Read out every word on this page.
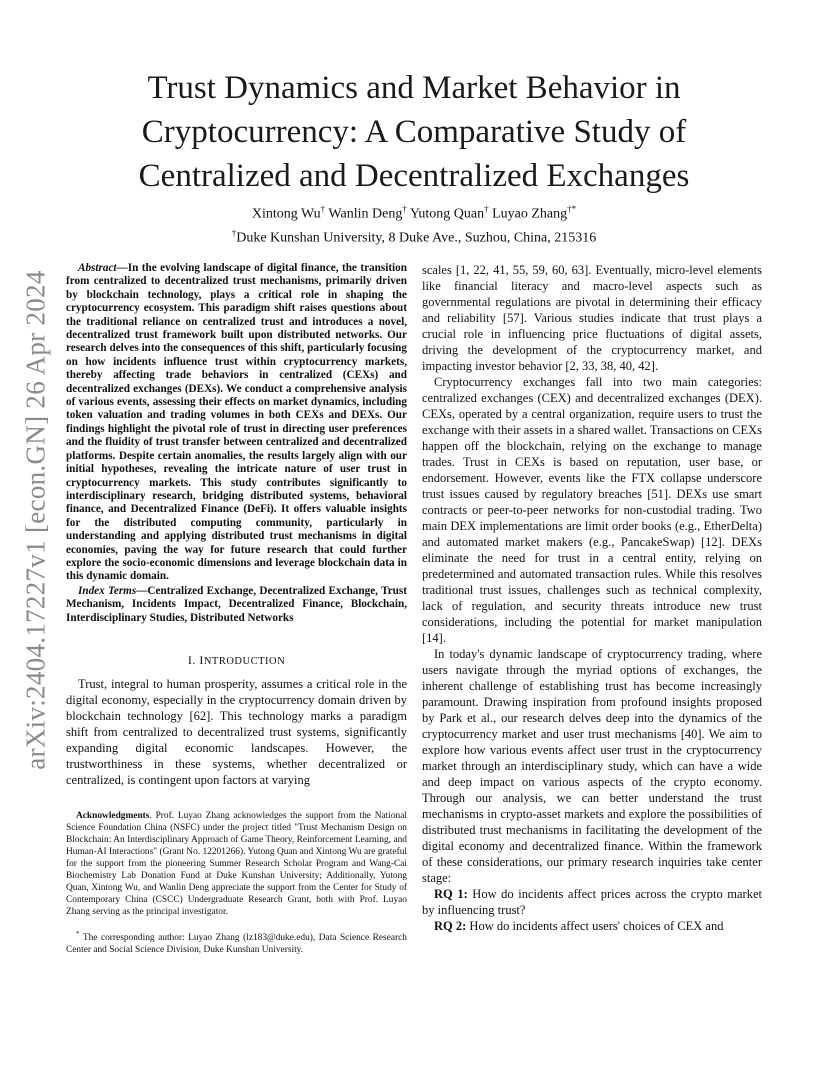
arXiv:2404.17227v1 [econ.GN] 26 Apr 2024
Trust Dynamics and Market Behavior in
Cryptocurrency: A Comparative Study of
Centralized and Decentralized Exchanges
Xintong Wu† Wanlin Deng† Yutong Quan† Luyao Zhang†*
†Duke Kunshan University, 8 Duke Ave., Suzhou, China, 215316

Abstract—In the evolving landscape of digital finance, the transition from centralized to decentralized trust mechanisms, primarily driven by blockchain technology, plays a critical role in shaping the cryptocurrency ecosystem. This paradigm shift raises questions about the traditional reliance on centralized trust and introduces a novel, decentralized trust framework built upon distributed networks. Our research delves into the consequences of this shift, particularly focusing on how incidents influence trust within cryptocurrency markets, thereby affecting trade behaviors in centralized (CEXs) and decentralized exchanges (DEXs). We conduct a comprehensive analysis of various events, assessing their effects on market dynamics, including token valuation and trading volumes in both CEXs and DEXs. Our findings highlight the pivotal role of trust in directing user preferences and the fluidity of trust transfer between centralized and decentralized platforms. Despite certain anomalies, the results largely align with our initial hypotheses, revealing the intricate nature of user trust in cryptocurrency markets. This study contributes significantly to interdisciplinary research, bridging distributed systems, behavioral finance, and Decentralized Finance (DeFi). It offers valuable insights for the distributed computing community, particularly in understanding and applying distributed trust mechanisms in digital economies, paving the way for future research that could further explore the socio-economic dimensions and leverage blockchain data in this dynamic domain.

Index Terms—Centralized Exchange, Decentralized Exchange, Trust Mechanism, Incidents Impact, Decentralized Finance, Blockchain, Interdisciplinary Studies, Distributed Networks

I. INTRODUCTION

Trust, integral to human prosperity, assumes a critical role in the digital economy, especially in the cryptocurrency domain driven by blockchain technology [62]. This technology marks a paradigm shift from centralized to decentralized trust systems, significantly expanding digital economic landscapes. However, the trustworthiness in these systems, whether decentralized or centralized, is contingent upon factors at varying

Acknowledgments. Prof. Luyao Zhang acknowledges the support from the National Science Foundation China (NSFC) under the project titled "Trust Mechanism Design on Blockchain: An Interdisciplinary Approach of Game Theory, Reinforcement Learning, and Human-AI Interactions" (Grant No. 12201266). Yutong Quan and Xintong Wu are grateful for the support from the pioneering Summer Research Scholar Program and Wang-Cai Biochemistry Lab Donation Fund at Duke Kunshan University; Additionally, Yutong Quan, Xintong Wu, and Wanlin Deng appreciate the support from the Center for Study of Contemporary China (CSCC) Undergraduate Research Grant, both with Prof. Luyao Zhang serving as the principal investigator.

* The corresponding author: Luyao Zhang (lz183@duke.edu), Data Science Research Center and Social Science Division, Duke Kunshan University.

scales [1, 22, 41, 55, 59, 60, 63]. Eventually, micro-level elements like financial literacy and macro-level aspects such as governmental regulations are pivotal in determining their efficacy and reliability [57]. Various studies indicate that trust plays a crucial role in influencing price fluctuations of digital assets, driving the development of the cryptocurrency market, and impacting investor behavior [2, 33, 38, 40, 42].

Cryptocurrency exchanges fall into two main categories: centralized exchanges (CEX) and decentralized exchanges (DEX). CEXs, operated by a central organization, require users to trust the exchange with their assets in a shared wallet. Transactions on CEXs happen off the blockchain, relying on the exchange to manage trades. Trust in CEXs is based on reputation, user base, or endorsement. However, events like the FTX collapse underscore trust issues caused by regulatory breaches [51]. DEXs use smart contracts or peer-to-peer networks for non-custodial trading. Two main DEX implementations are limit order books (e.g., EtherDelta) and automated market makers (e.g., PancakeSwap) [12]. DEXs eliminate the need for trust in a central entity, relying on predetermined and automated transaction rules. While this resolves traditional trust issues, challenges such as technical complexity, lack of regulation, and security threats introduce new trust considerations, including the potential for market manipulation [14].

In today's dynamic landscape of cryptocurrency trading, where users navigate through the myriad options of exchanges, the inherent challenge of establishing trust has become increasingly paramount. Drawing inspiration from profound insights proposed by Park et al., our research delves deep into the dynamics of the cryptocurrency market and user trust mechanisms [40]. We aim to explore how various events affect user trust in the cryptocurrency market through an interdisciplinary study, which can have a wide and deep impact on various aspects of the crypto economy. Through our analysis, we can better understand the trust mechanisms in crypto-asset markets and explore the possibilities of distributed trust mechanisms in facilitating the development of the digital economy and decentralized finance. Within the framework of these considerations, our primary research inquiries take center stage:

RQ 1: How do incidents affect prices across the crypto market by influencing trust?

RQ 2: How do incidents affect users' choices of CEX and
